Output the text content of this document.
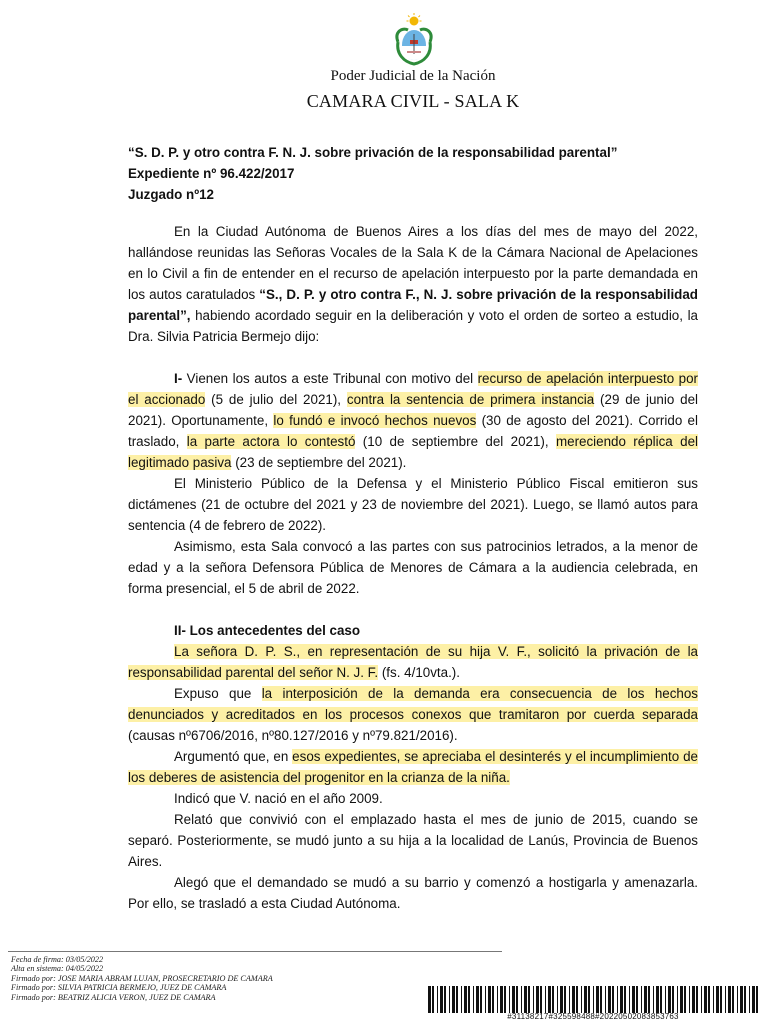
Poder Judicial de la Nación
CAMARA CIVIL - SALA K
“S. D. P. y otro contra F. N. J. sobre privación de la responsabilidad parental”
Expediente nº 96.422/2017
Juzgado nº12

En la Ciudad Autónoma de Buenos Aires a los días del mes de mayo del 2022, hallándose reunidas las Señoras Vocales de la Sala K de la Cámara Nacional de Apelaciones en lo Civil a fin de entender en el recurso de apelación interpuesto por la parte demandada en los autos caratulados “S., D. P. y otro contra F., N. J. sobre privación de la responsabilidad parental”, habiendo acordado seguir en la deliberación y voto el orden de sorteo a estudio, la Dra. Silvia Patricia Bermejo dijo:

I- Vienen los autos a este Tribunal con motivo del recurso de apelación interpuesto por el accionado (5 de julio del 2021), contra la sentencia de primera instancia (29 de junio del 2021). Oportunamente, lo fundó e invocó hechos nuevos (30 de agosto del 2021). Corrido el traslado, la parte actora lo contestó (10 de septiembre del 2021), mereciendo réplica del legitimado pasiva (23 de septiembre del 2021).

El Ministerio Público de la Defensa y el Ministerio Público Fiscal emitieron sus dictámenes (21 de octubre del 2021 y 23 de noviembre del 2021). Luego, se llamó autos para sentencia (4 de febrero de 2022).

Asimismo, esta Sala convocó a las partes con sus patrocinios letrados, a la menor de edad y a la señora Defensora Pública de Menores de Cámara a la audiencia celebrada, en forma presencial, el 5 de abril de 2022.

II- Los antecedentes del caso

La señora D. P. S., en representación de su hija V. F., solicitó la privación de la responsabilidad parental del señor N. J. F. (fs. 4/10vta.).

Expuso que la interposición de la demanda era consecuencia de los hechos denunciados y acreditados en los procesos conexos que tramitaron por cuerda separada (causas nº6706/2016, nº80.127/2016 y nº79.821/2016).

Argumentó que, en esos expedientes, se apreciaba el desinterés y el incumplimiento de los deberes de asistencia del progenitor en la crianza de la niña.

Indicó que V. nació en el año 2009.

Relató que convivió con el emplazado hasta el mes de junio de 2015, cuando se separó. Posteriormente, se mudó junto a su hija a la localidad de Lanús, Provincia de Buenos Aires.

Alegó que el demandado se mudó a su barrio y comenzó a hostigarla y amenazarla. Por ello, se trasladó a esta Ciudad Autónoma.

Fecha de firma: 03/05/2022
Alta en sistema: 04/05/2022
Firmado por: JOSE MARIA ABRAM LUJAN, PROSECRETARIO DE CAMARA
Firmado por: SILVIA PATRICIA BERMEJO, JUEZ DE CAMARA
Firmado por: BEATRIZ ALICIA VERON, JUEZ DE CAMARA
#31138217#325598488#20220502083853763
